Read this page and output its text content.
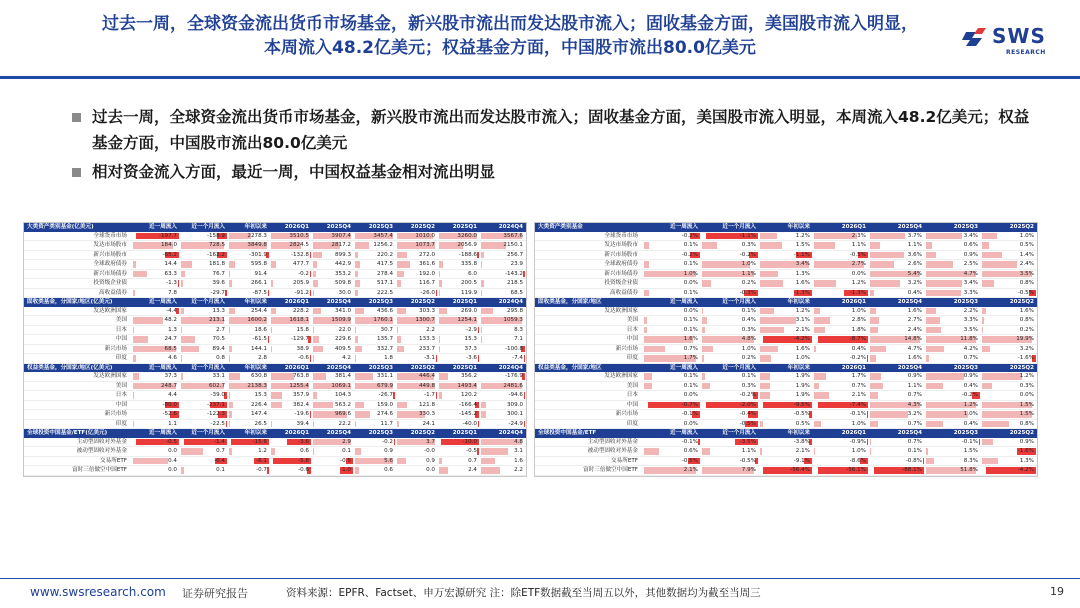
过去一周，全球资金流出货币市场基金，新兴股市流出而发达股市流入；固收基金方面，美国股市流入明显，本周流入48.2亿美元；权益基金方面，中国股市流出80.0亿美元	SWS
RESEARCH
过去一周，全球资金流出货币市场基金，新兴股市流出而发达股市流入；固收基金方面，美国股市流入明显，本周流入48.2亿美元；权益基金方面，中国股市流出80.0亿美元
相对资金流入方面，最近一周，中国权益基金相对流出明显
大类资产类别基金(亿美元)	近一周流入	近一个月流入	年初以来	2026Q1	2025Q4	2025Q3	2025Q2	2025Q1	2024Q4
全球货币市场	-197.7	-158.9	2278.3	3510.5	3907.4	3457.4	1010.0	3260.0	3567.6
发达市场股市	184.0	728.5	3849.8	2824.5	2817.2	1256.2	1073.7	2056.9	2150.1
新兴市场股市	-65.2	-162.2	-301.9	-132.8	899.3	220.2	272.0	-188.6	256.7
全球政府债券	14.4	181.8	595.8	477.7	442.9	417.5	361.6	335.8	23.9
新兴市场债券	63.3	76.7	91.4	-0.2	353.2	278.4	192.0	6.0	-143.2
投资级企业债	-1.3	39.6	266.1	205.9	509.8	517.1	116.7	200.5	218.5
高收益债券	7.8	-29.7	-87.5	-91.2	30.0	222.5	-26.0	119.9	68.5
固收类基金，分国家/地区(亿美元)	近一周流入	近一个月流入	年初以来	2026Q1	2025Q4	2025Q3	2025Q2	2025Q1	2024Q4
发达欧洲国家	-4.4	13.3	254.4	228.2	341.0	436.6	303.3	269.0	295.8
美国	48.2	213.1	1600.2	1618.1	1509.9	1760.1	1300.7	1254.1	1059.3
日本	1.3	2.7	18.6	15.8	22.0	30.7	2.2	-2.9	8.3
中国	24.7	70.5	-61.5	-129.7	229.6	135.7	133.3	15.3	7.1
新兴市场	68.5	89.4	144.1	38.9	409.5	332.7	233.7	37.3	-100.8
印度	4.6	0.8	2.8	-0.6	4.2	1.8	-3.1	-3.6	-7.4
权益类基金，分国家/地区(亿美元)	近一周流入	近一个月流入	年初以来	2026Q1	2025Q4	2025Q3	2025Q2	2025Q1	2024Q4
发达欧洲国家	37.3	33.1	630.8	763.8	381.4	331.1	446.4	356.2	-176.9
美国	248.7	602.7	2138.3	1255.4	1069.1	679.9	449.8	1493.4	2481.6
日本	4.4	-39.0	15.3	357.9	104.3	-26.7	-1.7	120.2	-94.6
中国	-80.0	-237.1	226.4	382.4	563.2	159.0	121.8	-166.4	309.0
新兴市场	-52.6	-122.3	147.4	-19.6	969.6	274.6	330.3	-145.2	300.1
印度	1.1	-22.5	26.5	39.4	22.2	11.7	24.1	-40.0	-24.9
全球投资中国基金/ETF(亿美元)	近一周流入	近一个月流入	年初以来	2026Q1	2025Q4	2025Q3	2025Q2	2025Q1	2024Q4
主动型固收对外基金	-0.5	-1.4	-15.6	-3.6	2.9	-0.2	3.7	-10.0	4.8
被动型固收对外基金	0.0	0.7	1.2	0.6	0.1	0.9	-0.0	-0.5	3.1
交易所ETF	0.4	-0.4	-6.1	-5.8	-0.5	5.6	0.9	0.7	1.6
富时三倍做空中国ETF	0.0	0.1	-0.7	-0.6	-1.0	0.6	0.0	2.4	2.2
大类资产类别基金	近一周流入	近一个月流入	年初以来	2026Q1	2025Q4	2025Q3	2025Q2
全球货币市场	-0.2%	-1.1%	1.2%	2.3%	3.7%	3.4%	1.0%
发达市场股市	0.1%	0.3%	1.5%	1.1%	1.1%	0.6%	0.5%
新兴市场股市	-0.2%	-0.2%	-1.1%	-0.5%	3.6%	0.9%	1.4%
全球政府债券	0.1%	1.0%	3.4%	2.7%	2.6%	2.5%	2.4%
新兴市场债券	1.0%	1.1%	1.3%	0.0%	5.4%	4.7%	3.5%
投资级企业债	0.0%	0.2%	1.6%	1.2%	3.2%	3.4%	0.8%
高收益债券	0.1%	-0.3%	-1.3%	-1.3%	0.4%	3.3%	-0.5%
固收类基金，分国家/地区	近一周流入	近一个月流入	年初以来	2026Q1	2025Q4	2025Q3	2025Q2
发达欧洲国家	0.0%	0.1%	1.2%	1.0%	1.6%	2.2%	1.6%
美国	0.1%	0.4%	3.1%	2.8%	2.7%	3.3%	0.8%
日本	0.1%	0.3%	2.1%	1.8%	2.4%	3.5%	0.2%
中国	1.6%	4.8%	-4.2%	-8.7%	14.8%	11.8%	19.9%
新兴市场	0.7%	1.0%	1.6%	0.4%	4.7%	4.2%	3.2%
印度	1.7%	0.2%	1.0%	-0.2%	1.6%	0.7%	-1.6%
权益类基金，分国家/地区	近一周流入	近一个月流入	年初以来	2026Q1	2025Q4	2025Q3	2025Q2
发达欧洲国家	0.1%	0.1%	1.9%	1.7%	0.9%	0.9%	1.2%
美国	0.1%	0.3%	1.9%	0.7%	1.1%	0.4%	0.3%
日本	0.0%	-0.2%	1.9%	2.1%	0.7%	-0.2%	0.0%
中国	-0.7%	-2.0%	-9.5%	-7.4%	4.3%	1.2%	1.5%
新兴市场	-0.1%	-0.4%	-0.5%	-0.1%	3.2%	1.0%	1.5%
印度	0.0%	-0.5%	0.5%	1.0%	0.7%	0.4%	0.8%
全球投资中国基金/ETF	近一周流入	近一个月流入	年初以来	2026Q1	2025Q4	2025Q3	2025Q2
主动型固收对外基金	-0.1%	-3.5%	-3.8%	-0.9%	0.7%	-0.1%	0.9%
被动型固收对外基金	0.6%	1.1%	2.1%	1.0%	0.1%	1.5%	-1.6%
交易所ETF	-0.5%	-0.5%	-9.1%	-8.6%	-0.8%	8.3%	1.3%
富时三倍做空中国ETF	2.1%	7.9%	-56.4%	-56.1%	-88.1%	51.8%	-4.2%
www.swsresearch.com 证券研究报告	资料来源：EPFR、Factset、申万宏源研究 注：除ETF数据截至当周五以外，其他数据均为截至当周三	19
